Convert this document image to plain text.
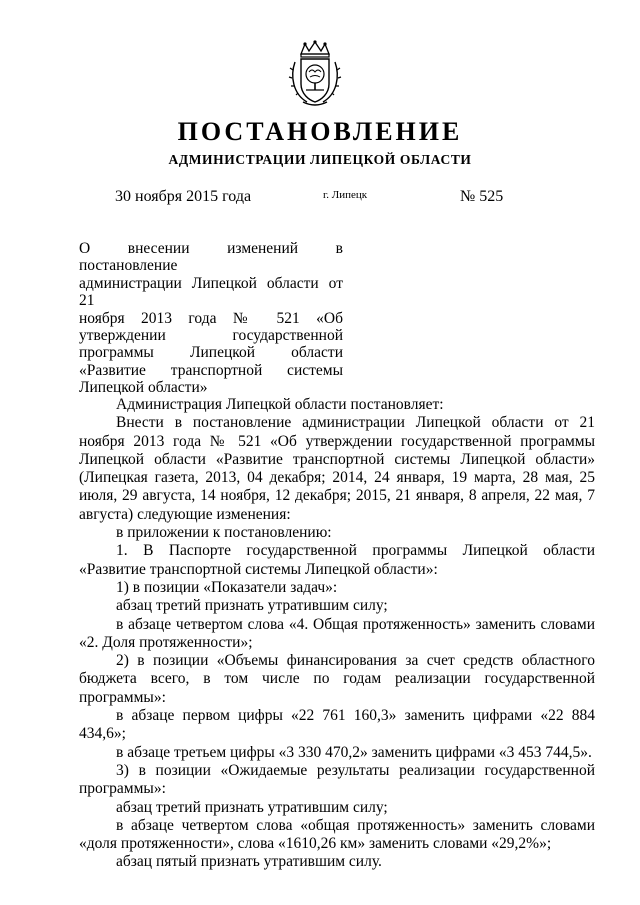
ПОСТАНОВЛЕНИЕ
АДМИНИСТРАЦИИ ЛИПЕЦКОЙ ОБЛАСТИ
30 ноября 2015 года	г. Липецк	№ 525
О внесении изменений в постановление
администрации Липецкой области от 21
ноября 2013 года № 521 «Об
утверждении государственной
программы Липецкой области
«Развитие транспортной системы
Липецкой области»

Администрация Липецкой области постановляет:

Внести в постановление администрации Липецкой области от 21 ноября 2013 года № 521 «Об утверждении государственной программы Липецкой области «Развитие транспортной системы Липецкой области» (Липецкая газета, 2013, 04 декабря; 2014, 24 января, 19 марта, 28 мая, 25 июля, 29 августа, 14 ноября, 12 декабря; 2015, 21 января, 8 апреля, 22 мая, 7 августа) следующие изменения:

в приложении к постановлению:

1. В Паспорте государственной программы Липецкой области «Развитие транспортной системы Липецкой области»:

1) в позиции «Показатели задач»:

абзац третий признать утратившим силу;

в абзаце четвертом слова «4. Общая протяженность» заменить словами «2. Доля протяженности»;

2) в позиции «Объемы финансирования за счет средств областного бюджета всего, в том числе по годам реализации государственной программы»:

в абзаце первом цифры «22 761 160,3» заменить цифрами «22 884 434,6»;

в абзаце третьем цифры «3 330 470,2» заменить цифрами «3 453 744,5».

3) в позиции «Ожидаемые результаты реализации государственной программы»:

абзац третий признать утратившим силу;

в абзаце четвертом слова «общая протяженность» заменить словами «доля протяженности», слова «1610,26 км» заменить словами «29,2%»;

абзац пятый признать утратившим силу.
